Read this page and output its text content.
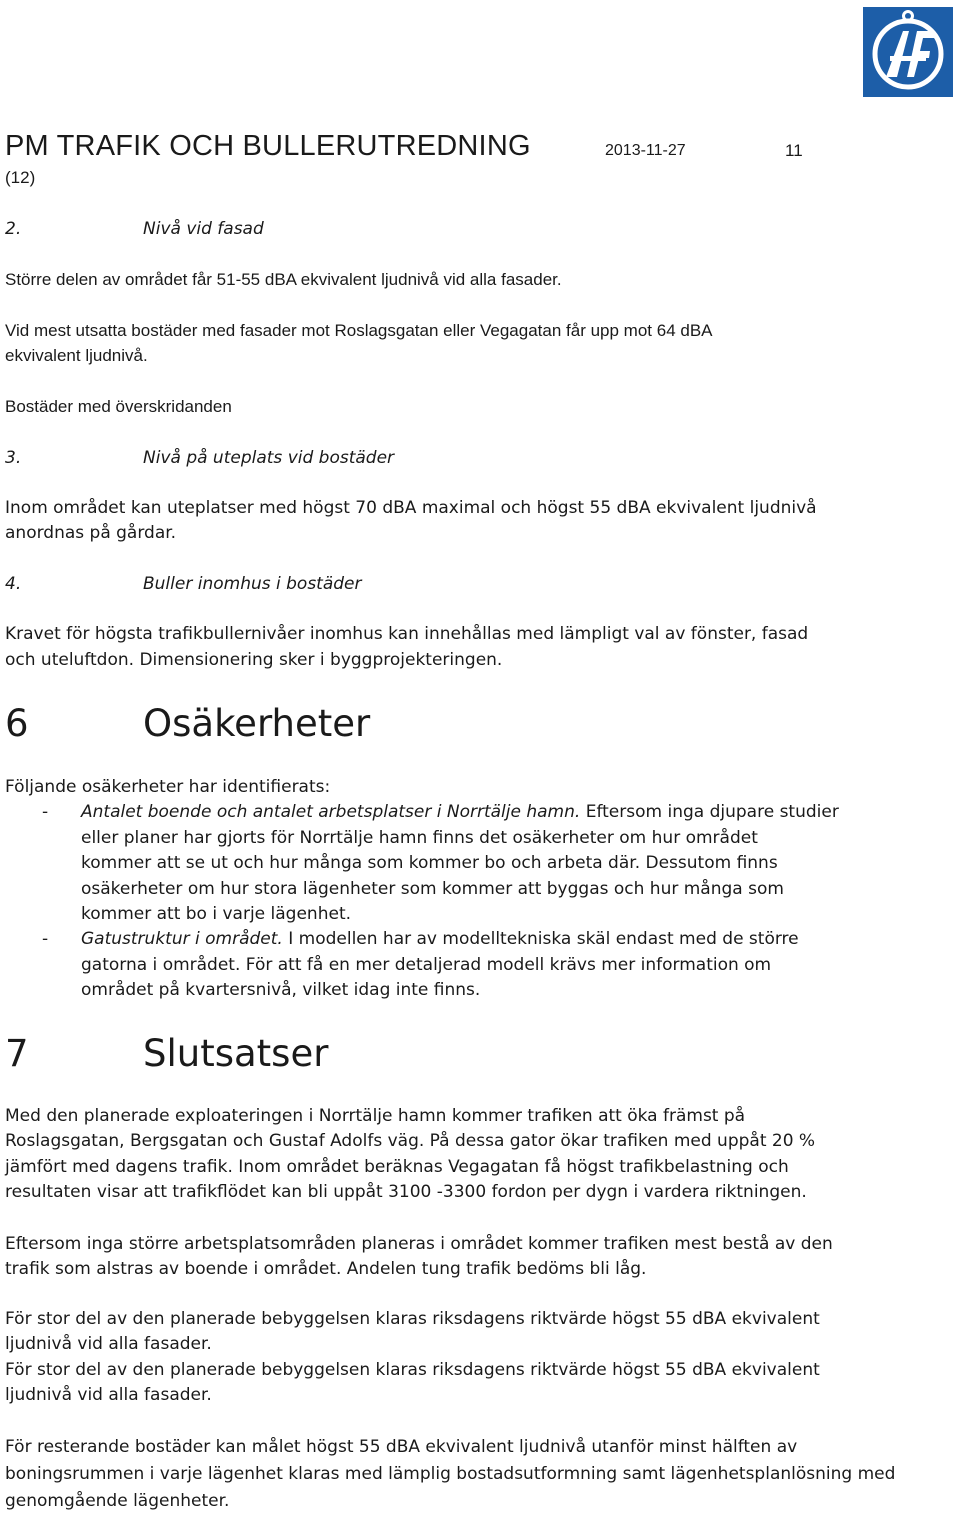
PM TRAFIK OCH BULLERUTREDNING	2013-11-27	11
(12)
2.	Nivå vid fasad
Större delen av området får 51-55 dBA ekvivalent ljudnivå vid alla fasader.
Vid mest utsatta bostäder med fasader mot Roslagsgatan eller Vegagatan får upp mot 64 dBA
ekvivalent ljudnivå.
Bostäder med överskridanden
3.	Nivå på uteplats vid bostäder
Inom området kan uteplatser med högst 70 dBA maximal och högst 55 dBA ekvivalent ljudnivå
anordnas på gårdar.
4.	Buller inomhus i bostäder
Kravet för högsta trafikbullernivåer inomhus kan innehållas med lämpligt val av fönster, fasad
och uteluftdon. Dimensionering sker i byggprojekteringen.
6	Osäkerheter
Följande osäkerheter har identifierats:
- Antalet boende och antalet arbetsplatser i Norrtälje hamn. Eftersom inga djupare studier
eller planer har gjorts för Norrtälje hamn finns det osäkerheter om hur området
kommer att se ut och hur många som kommer bo och arbeta där. Dessutom finns
osäkerheter om hur stora lägenheter som kommer att byggas och hur många som
kommer att bo i varje lägenhet.
- Gatustruktur i området. I modellen har av modelltekniska skäl endast med de större
gatorna i området. För att få en mer detaljerad modell krävs mer information om
området på kvartersnivå, vilket idag inte finns.
7	Slutsatser
Med den planerade exploateringen i Norrtälje hamn kommer trafiken att öka främst på
Roslagsgatan, Bergsgatan och Gustaf Adolfs väg. På dessa gator ökar trafiken med uppåt 20 %
jämfört med dagens trafik. Inom området beräknas Vegagatan få högst trafikbelastning och
resultaten visar att trafikflödet kan bli uppåt 3100 -3300 fordon per dygn i vardera riktningen.
Eftersom inga större arbetsplatsområden planeras i området kommer trafiken mest bestå av den
trafik som alstras av boende i området. Andelen tung trafik bedöms bli låg.
För stor del av den planerade bebyggelsen klaras riksdagens riktvärde högst 55 dBA ekvivalent
ljudnivå vid alla fasader.
För stor del av den planerade bebyggelsen klaras riksdagens riktvärde högst 55 dBA ekvivalent
ljudnivå vid alla fasader.
För resterande bostäder kan målet högst 55 dBA ekvivalent ljudnivå utanför minst hälften av
boningsrummen i varje lägenhet klaras med lämplig bostadsutformning samt lägenhetsplanlösning med
genomgående lägenheter.
